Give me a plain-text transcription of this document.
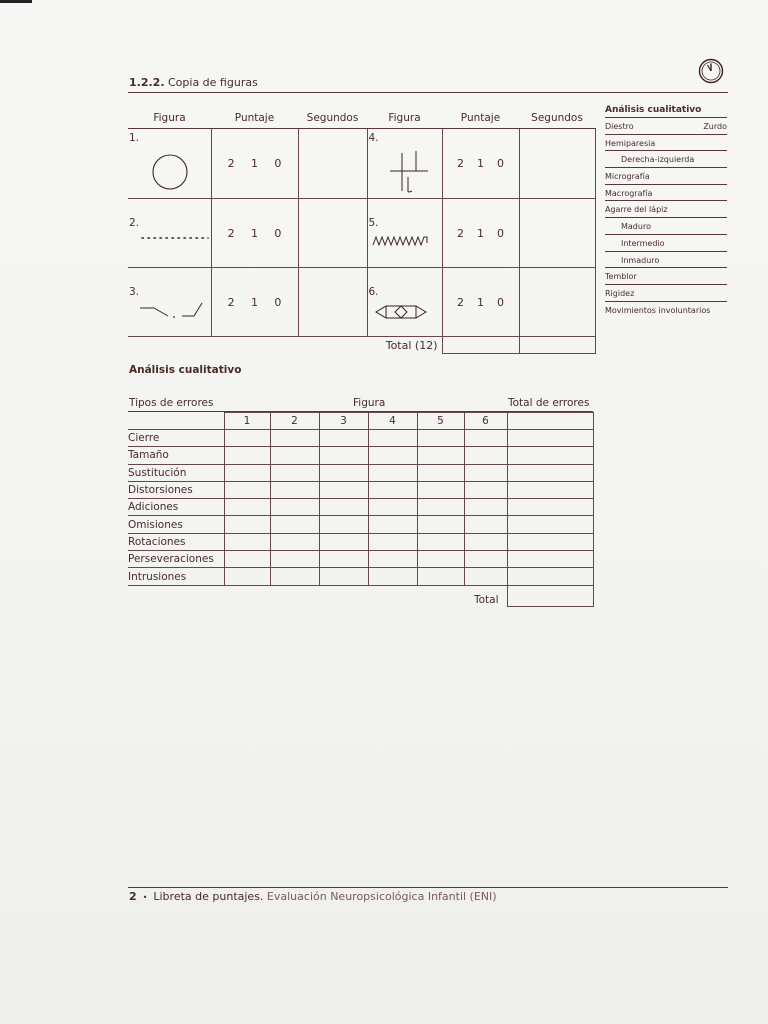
1.2.2. Copia de figuras
Figura	Puntaje	Segundos	Figura	Puntaje	Segundos

1.	2 1 0		4.	2 1 0	

2.	2 1 0		5.	2 1 0	

3.	2 1 0		6.	2 1 0	

			Total (12)		
Análisis cualitativo
Diestro	Zurdo
Hemiparesia
Derecha-izquierda
Micrografía
Macrografía
Agarre del lápiz
Maduro
Intermedio
Inmaduro
Temblor
Rigidez
Movimientos involuntarios
Análisis cualitativo
Tipos de errores	Figura	Total de errores
	1	2	3	4	5	6	
Cierre							
Tamaño							
Sustitución							
Distorsiones							
Adiciones							
Omisiones							
Rotaciones							
Perseveraciones							
Intrusiones							
					Total		
2 • Libreta de puntajes. Evaluación Neuropsicológica Infantil (ENI)
